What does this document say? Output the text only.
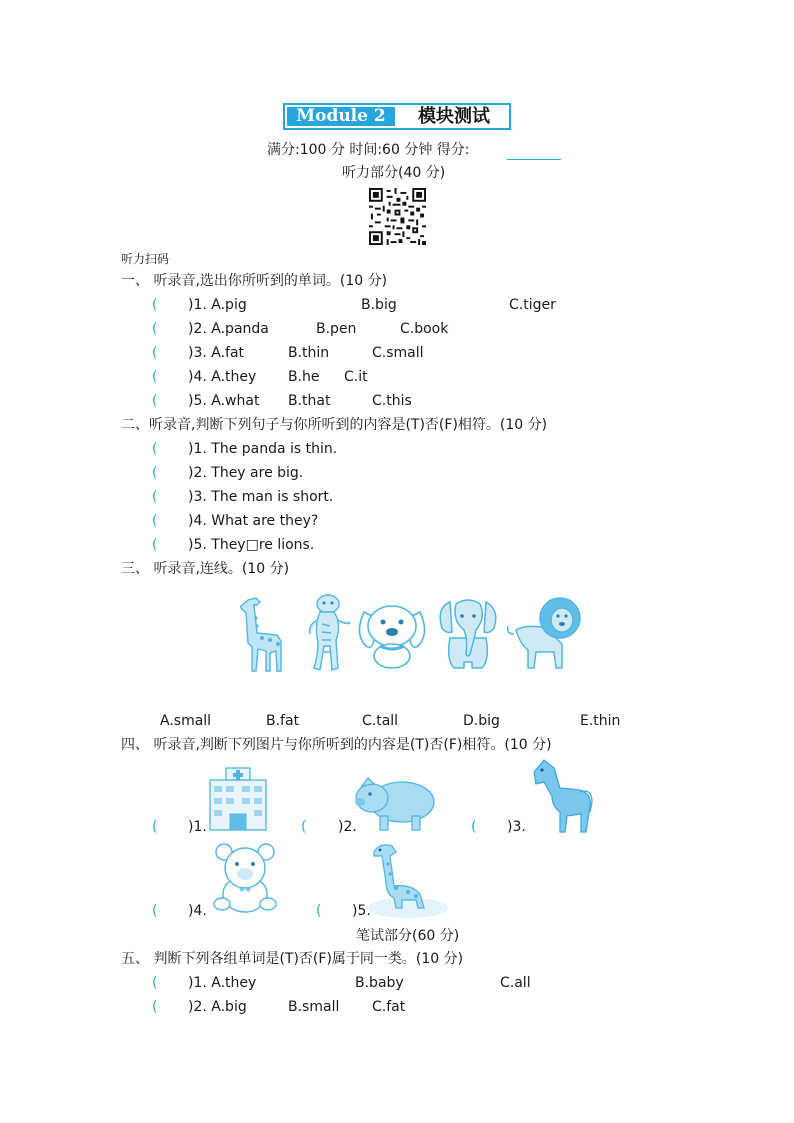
Module 2	模块测试
满分:100 分 时间:60 分钟 得分:
听力部分(40 分)
听力扫码
一、 听录音,选出你所听到的单词。(10 分)
( )1. A.pig	B.big	C.tiger
( )2. A.panda	B.pen	C.book
( )3. A.fat	B.thin	C.small
( )4. A.they B.he C.it
( )5. A.what B.that	C.this
二、听录音,判断下列句子与你所听到的内容是(T)否(F)相符。(10 分)
( )1. The panda is thin.
( )2. They are big.
( )3. The man is short.
( )4. What are they?
( )5. They□re lions.
三、 听录音,连线。(10 分)
A.small	B.fat	C.tall	D.big	E.thin
四、 听录音,判断下列图片与你所听到的内容是(T)否(F)相符。(10 分)
( )1.	( )2.	( )3.
( )4.	( )5.
笔试部分(60 分)
五、 判断下列各组单词是(T)否(F)属于同一类。(10 分)
( )1. A.they	B.baby	C.all
( )2. A.big	B.small C.fat
